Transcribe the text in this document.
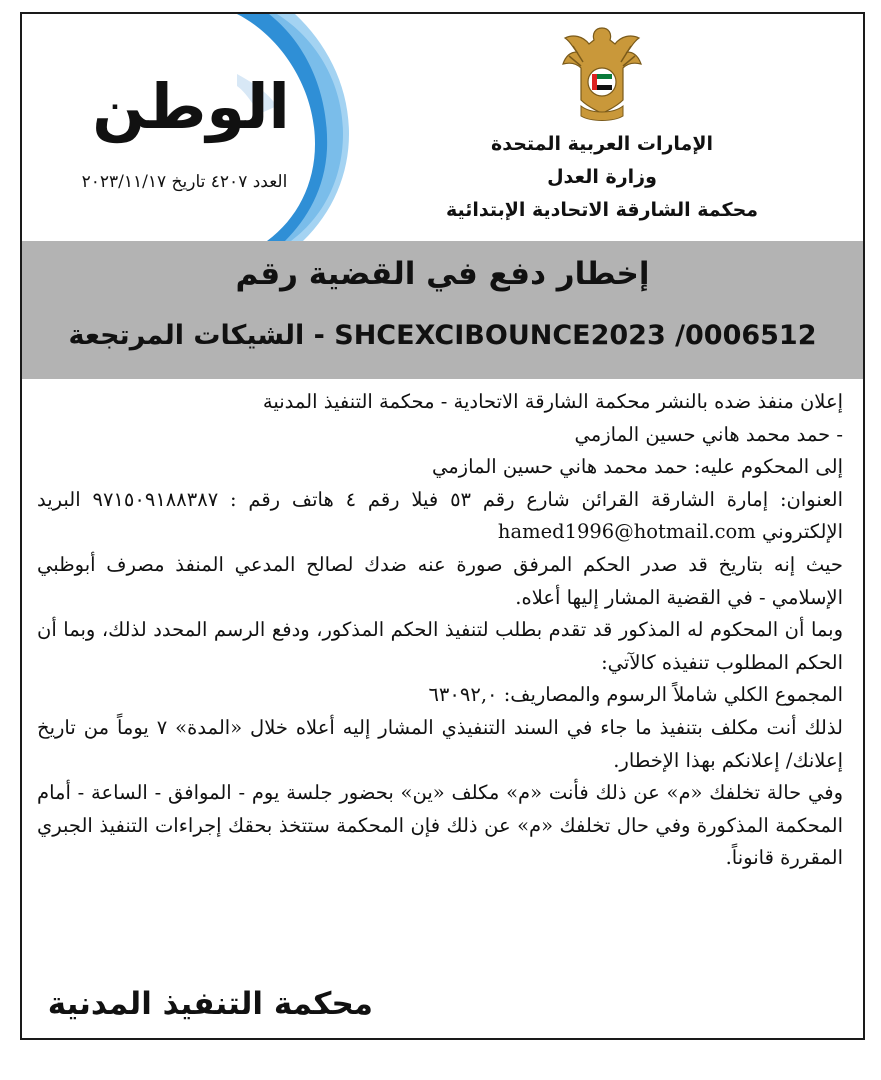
الإمارات العربية المتحدة
وزارة العدل
محكمة الشارقة الاتحادية الإبتدائية
الوطن
العدد ٤٢٠٧ تاريخ ٢٠٢٣/١١/١٧
إخطار دفع في القضية رقم
SHCEXCIBOUNCE2023 /0006512 - الشيكات المرتجعة

إعلان منفذ ضده بالنشر محكمة الشارقة الاتحادية - محكمة التنفيذ المدنية

- حمد محمد هاني حسين المازمي

إلى المحكوم عليه: حمد محمد هاني حسين المازمي

العنوان: إمارة الشارقة القرائن شارع رقم ٥٣ فيلا رقم ٤ هاتف رقم : ٩٧١٥٠٩١٨٨٣٨٧ البريد الإلكتروني hamed1996@hotmail.com

حيث إنه بتاريخ قد صدر الحكم المرفق صورة عنه ضدك لصالح المدعي المنفذ مصرف أبوظبي الإسلامي - في القضية المشار إليها أعلاه.

وبما أن المحكوم له المذكور قد تقدم بطلب لتنفيذ الحكم المذكور، ودفع الرسم المحدد لذلك، وبما أن الحكم المطلوب تنفيذه كالآتي:

المجموع الكلي شاملاً الرسوم والمصاريف: ٦٣٠٩٢,٠

لذلك أنت مكلف بتنفيذ ما جاء في السند التنفيذي المشار إليه أعلاه خلال «المدة» ٧ يوماً من تاريخ إعلانك/ إعلانكم بهذا الإخطار.

وفي حالة تخلفك «م» عن ذلك فأنت «م» مكلف «ين» بحضور جلسة يوم - الموافق - الساعة - أمام المحكمة المذكورة وفي حال تخلفك «م» عن ذلك فإن المحكمة ستتخذ بحقك إجراءات التنفيذ الجبري المقررة قانوناً.

محكمة التنفيذ المدنية
